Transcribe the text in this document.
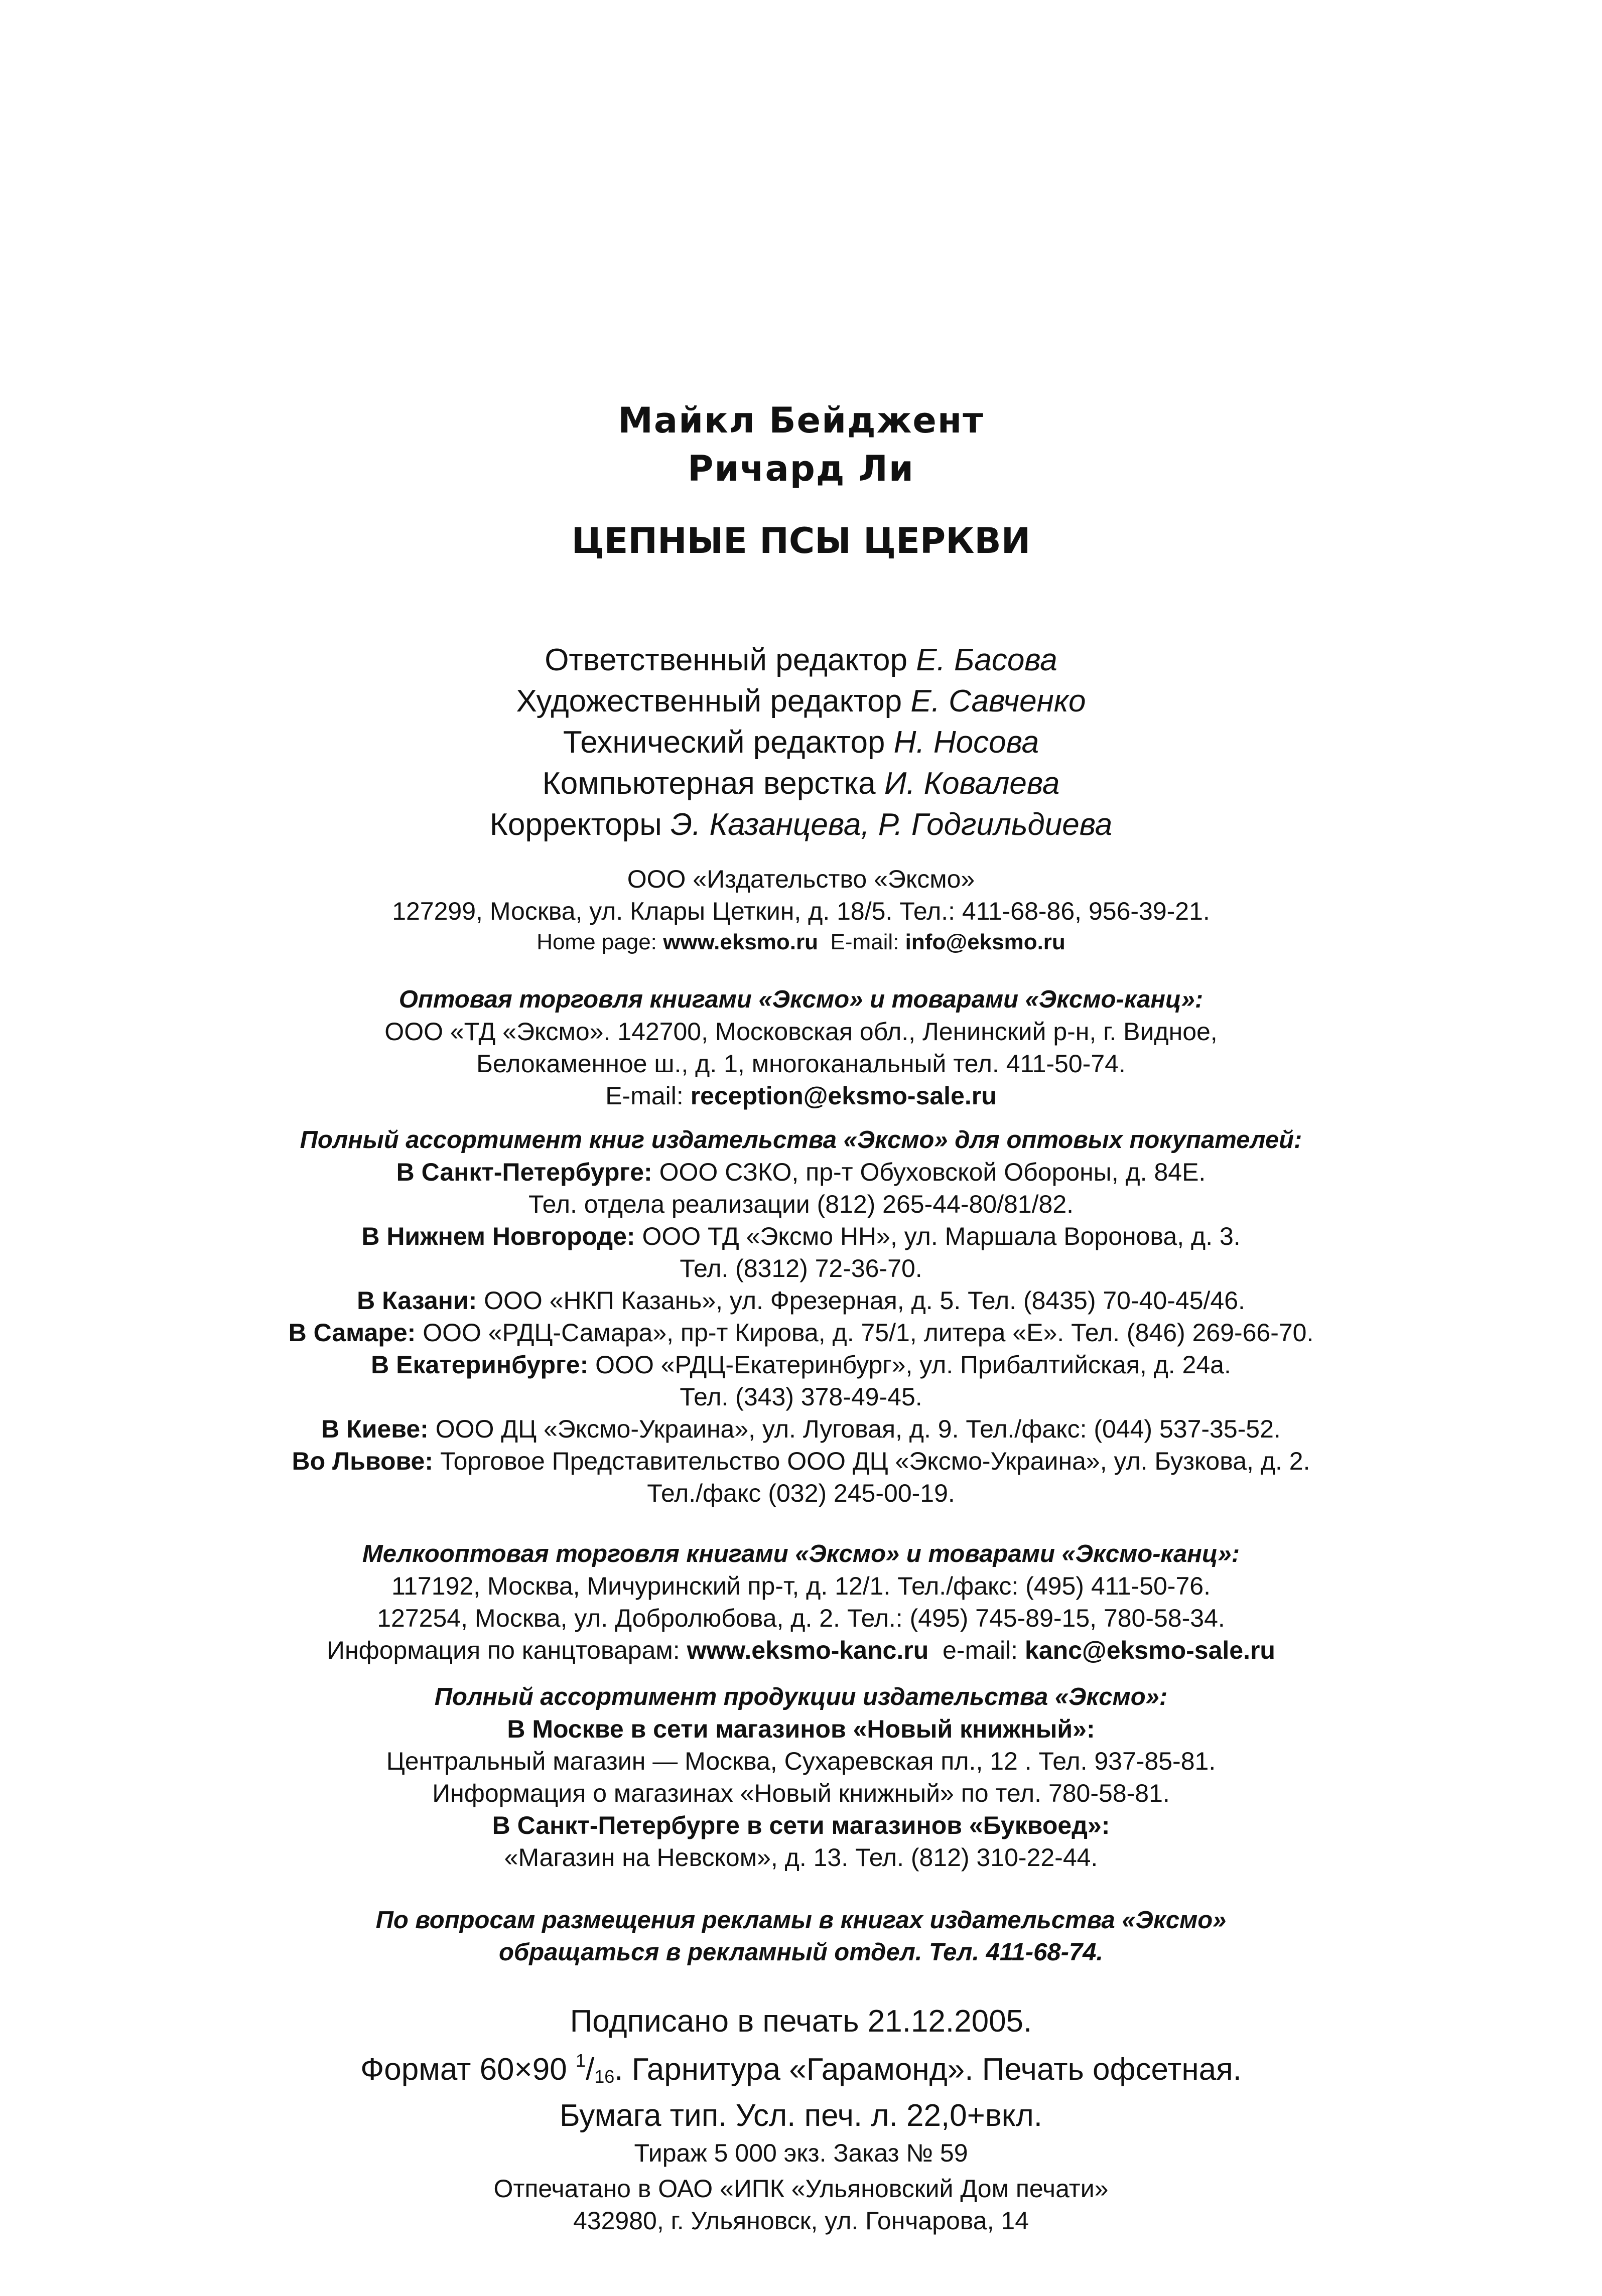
Майкл Бейджент
Ричард Ли
ЦЕПНЫЕ ПСЫ ЦЕРКВИ
Ответственный редактор Е. Басова
Художественный редактор Е. Савченко
Технический редактор Н. Носова
Компьютерная верстка И. Ковалева
Корректоры Э. Казанцева, Р. Годгильдиева
ООО «Издательство «Эксмо»
127299, Москва, ул. Клары Цеткин, д. 18/5. Тел.: 411-68-86, 956-39-21.
Home page: www.eksmo.ru E-mail: info@eksmo.ru
Оптовая торговля книгами «Эксмо» и товарами «Эксмо-канц»:
ООО «ТД «Эксмо». 142700, Московская обл., Ленинский р-н, г. Видное,
Белокаменное ш., д. 1, многоканальный тел. 411-50-74.
E-mail: reception@eksmo-sale.ru
Полный ассортимент книг издательства «Эксмо» для оптовых покупателей:
В Санкт-Петербурге: ООО СЗКО, пр-т Обуховской Обороны, д. 84Е.
Тел. отдела реализации (812) 265-44-80/81/82.
В Нижнем Новгороде: ООО ТД «Эксмо НН», ул. Маршала Воронова, д. 3.
Тел. (8312) 72-36-70.
В Казани: ООО «НКП Казань», ул. Фрезерная, д. 5. Тел. (8435) 70-40-45/46.
В Самаре: ООО «РДЦ-Самара», пр-т Кирова, д. 75/1, литера «Е». Тел. (846) 269-66-70.
В Екатеринбурге: ООО «РДЦ-Екатеринбург», ул. Прибалтийская, д. 24а.
Тел. (343) 378-49-45.
В Киеве: ООО ДЦ «Эксмо-Украина», ул. Луговая, д. 9. Тел./факс: (044) 537-35-52.
Во Львове: Торговое Представительство ООО ДЦ «Эксмо-Украина», ул. Бузкова, д. 2.
Тел./факс (032) 245-00-19.
Мелкооптовая торговля книгами «Эксмо» и товарами «Эксмо-канц»:
117192, Москва, Мичуринский пр-т, д. 12/1. Тел./факс: (495) 411-50-76.
127254, Москва, ул. Добролюбова, д. 2. Тел.: (495) 745-89-15, 780-58-34.
Информация по канцтоварам: www.eksmo-kanc.ru e-mail: kanc@eksmo-sale.ru
Полный ассортимент продукции издательства «Эксмо»:
В Москве в сети магазинов «Новый книжный»:
Центральный магазин — Москва, Сухаревская пл., 12 . Тел. 937-85-81.
Информация о магазинах «Новый книжный» по тел. 780-58-81.
В Санкт-Петербурге в сети магазинов «Буквоед»:
«Магазин на Невском», д. 13. Тел. (812) 310-22-44.
По вопросам размещения рекламы в книгах издательства «Эксмо»
обращаться в рекламный отдел. Тел. 411-68-74.
Подписано в печать 21.12.2005.
Формат 60×90 $^1/_{16}$. Гарнитура «Гарамонд». Печать офсетная.
Бумага тип. Усл. печ. л. 22,0+вкл.
Тираж 5 000 экз. Заказ № 59
Отпечатано в ОАО «ИПК «Ульяновский Дом печати»
432980, г. Ульяновск, ул. Гончарова, 14
